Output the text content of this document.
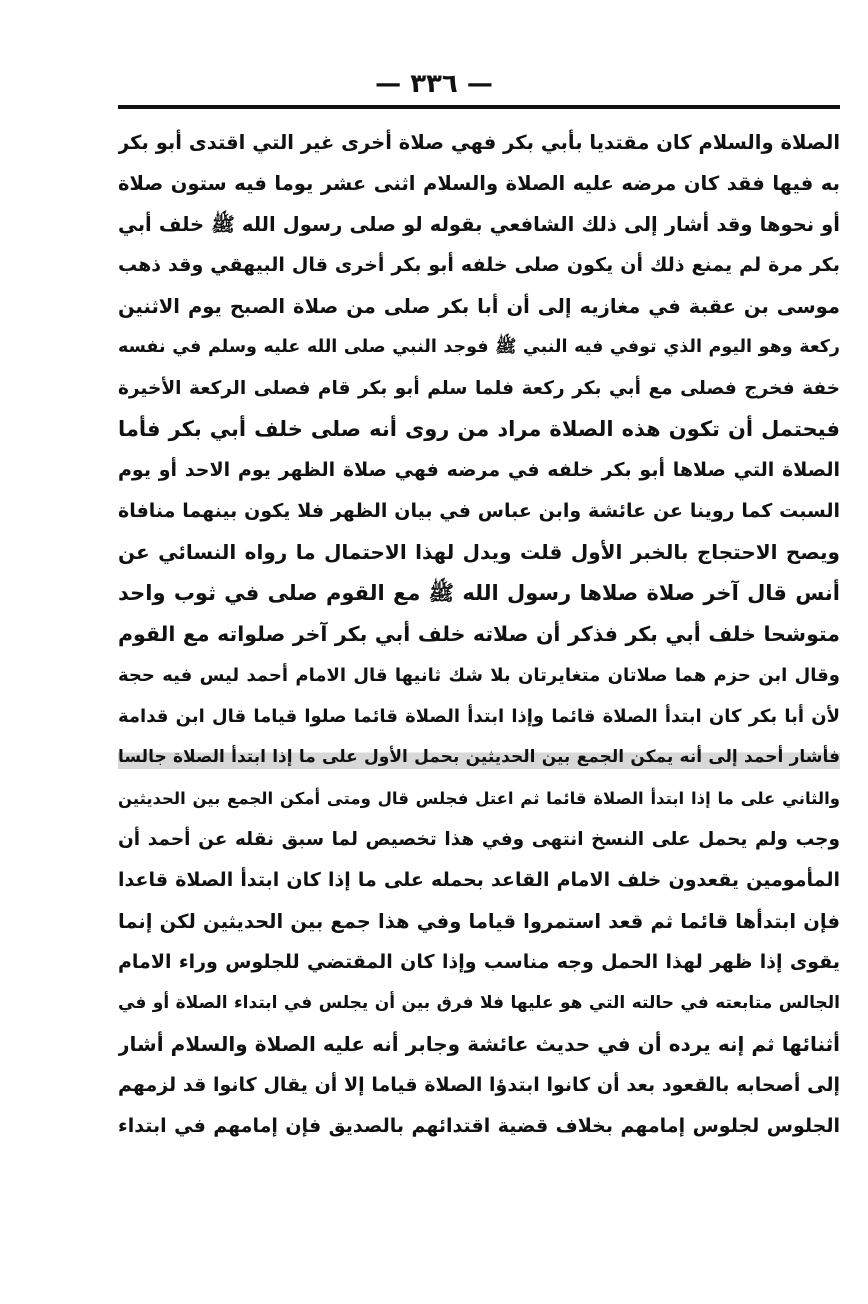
— ٣٣٦ —
الصلاة والسلام كان مقتديا بأبي بكر فهي صلاة أخرى غير التي اقتدى أبو بكر
به فيها فقد كان مرضه عليه الصلاة والسلام اثنى عشر يوما فيه ستون صلاة
أو نحوها وقد أشار إلى ذلك الشافعي بقوله لو صلى رسول الله ﷺ خلف أبي
بكر مرة لم يمنع ذلك أن يكون صلى خلفه أبو بكر أخرى قال البيهقي وقد ذهب
موسى بن عقبة في مغازيه إلى أن أبا بكر صلى من صلاة الصبح يوم الاثنين
ركعة وهو اليوم الذي توفي فيه النبي ﷺ فوجد النبي صلى الله عليه وسلم في نفسه
خفة فخرج فصلى مع أبي بكر ركعة فلما سلم أبو بكر قام فصلى الركعة الأخيرة
فيحتمل أن تكون هذه الصلاة مراد من روى أنه صلى خلف أبي بكر فأما
الصلاة التي صلاها أبو بكر خلفه في مرضه فهي صلاة الظهر يوم الاحد أو يوم
السبت كما روينا عن عائشة وابن عباس في بيان الظهر فلا يكون بينهما منافاة
ويصح الاحتجاج بالخبر الأول قلت ويدل لهذا الاحتمال ما رواه النسائي عن
أنس قال آخر صلاة صلاها رسول الله ﷺ مع القوم صلى في ثوب واحد
متوشحا خلف أبي بكر فذكر أن صلاته خلف أبي بكر آخر صلواته مع القوم
وقال ابن حزم هما صلاتان متغايرتان بلا شك ثانيها قال الامام أحمد ليس فيه حجة
لأن أبا بكر كان ابتدأ الصلاة قائما وإذا ابتدأ الصلاة قائما صلوا قياما قال ابن قدامة
فأشار أحمد إلى أنه يمكن الجمع بين الحديثين بحمل الأول على ما إذا ابتدأ الصلاة جالسا
والثاني على ما إذا ابتدأ الصلاة قائما ثم اعتل فجلس قال ومتى أمكن الجمع بين الحديثين
وجب ولم يحمل على النسخ انتهى وفي هذا تخصيص لما سبق نقله عن أحمد أن
المأمومين يقعدون خلف الامام القاعد بحمله على ما إذا كان ابتدأ الصلاة قاعدا
فإن ابتدأها قائما ثم قعد استمروا قياما وفي هذا جمع بين الحديثين لكن إنما
يقوى إذا ظهر لهذا الحمل وجه مناسب وإذا كان المقتضي للجلوس وراء الامام
الجالس متابعته في حالته التي هو عليها فلا فرق بين أن يجلس في ابتداء الصلاة أو في
أثنائها ثم إنه يرده أن في حديث عائشة وجابر أنه عليه الصلاة والسلام أشار
إلى أصحابه بالقعود بعد أن كانوا ابتدؤا الصلاة قياما إلا أن يقال كانوا قد لزمهم
الجلوس لجلوس إمامهم بخلاف قضية اقتدائهم بالصديق فإن إمامهم في ابتداء
